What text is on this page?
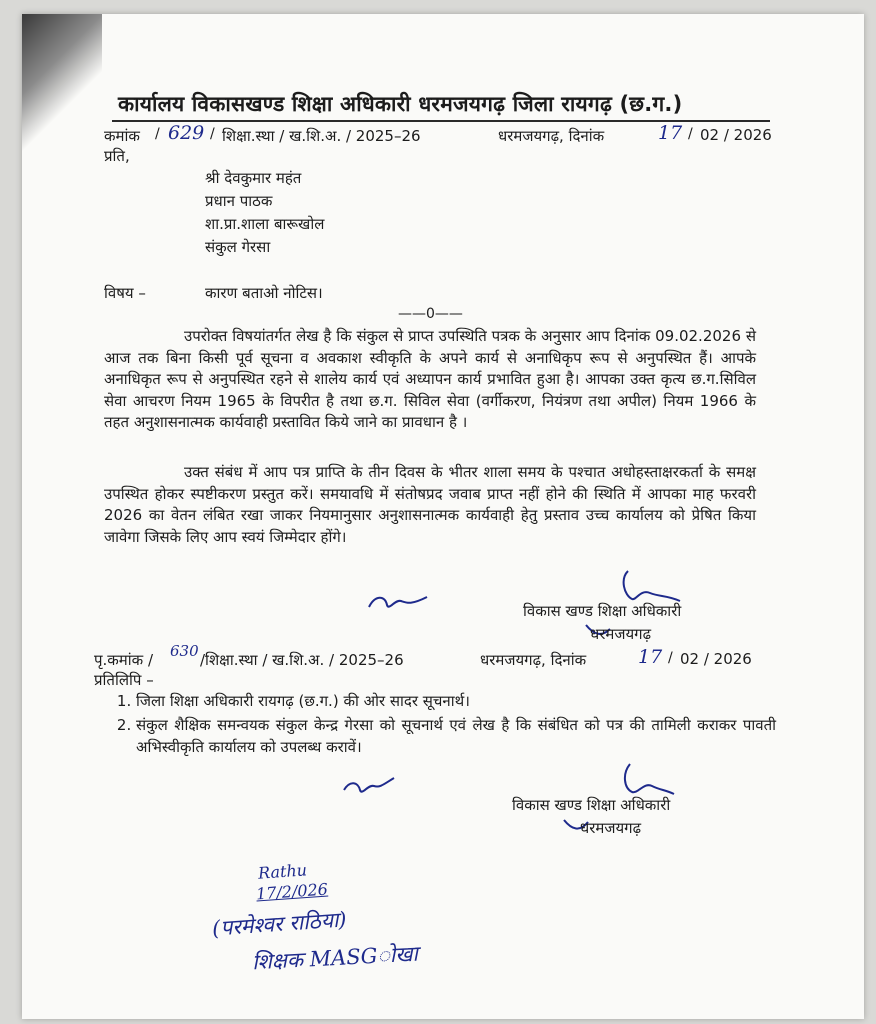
कार्यालय विकासखण्ड शिक्षा अधिकारी धरमजयगढ़ जिला रायगढ़ (छ.ग.)
कमांक / 629 / शिक्षा.स्था / ख.शि.अ. / 2025–26	धरमजयगढ़, दिनांक	17 / 02 / 2026
प्रति,
श्री देवकुमार महंत
प्रधान पाठक
शा.प्रा.शाला बारूखोल
संकुल गेरसा
विषय –	कारण बताओ नोटिस।
——0——
उपरोक्त विषयांतर्गत लेख है कि संकुल से प्राप्त उपस्थिति पत्रक के अनुसार आप दिनांक 09.02.2026 से आज तक बिना किसी पूर्व सूचना व अवकाश स्वीकृति के अपने कार्य से अनाधिकृप रूप से अनुपस्थित हैं। आपके अनाधिकृत रूप से अनुपस्थित रहने से शालेय कार्य एवं अध्यापन कार्य प्रभावित हुआ है। आपका उक्त कृत्य छ.ग.सिविल सेवा आचरण नियम 1965 के विपरीत है तथा छ.ग. सिविल सेवा (वर्गीकरण, नियंत्रण तथा अपील) नियम 1966 के तहत अनुशासनात्मक कार्यवाही प्रस्तावित किये जाने का प्रावधान है ।
उक्त संबंध में आप पत्र प्राप्ति के तीन दिवस के भीतर शाला समय के पश्चात अधोहस्ताक्षरकर्ता के समक्ष उपस्थित होकर स्पष्टीकरण प्रस्तुत करें। समयावधि में संतोषप्रद जवाब प्राप्त नहीं होने की स्थिति में आपका माह फरवरी 2026 का वेतन लंबित रखा जाकर नियमानुसार अनुशासनात्मक कार्यवाही हेतु प्रस्ताव उच्च कार्यालय को प्रेषित किया जावेगा जिसके लिए आप स्वयं जिम्मेदार होंगे।
विकास खण्ड शिक्षा अधिकारी
धरमजयगढ़
पृ.कमांक / 630 /शिक्षा.स्था / ख.शि.अ. / 2025–26	धरमजयगढ़, दिनांक	17 / 02 / 2026
प्रतिलिपि –
1. जिला शिक्षा अधिकारी रायगढ़ (छ.ग.) की ओर सादर सूचनार्थ।
2. संकुल शैक्षिक समन्वयक संकुल केन्द्र गेरसा को सूचनार्थ एवं लेख है कि संबंधित को पत्र की तामिली कराकर पावती अभिस्वीकृति कार्यालय को उपलब्ध करावें।
विकास खण्ड शिक्षा अधिकारी
धरमजयगढ़
Rathu
17/2/026
(परमेश्वर राठिया)
शिक्षक MASGोखा
